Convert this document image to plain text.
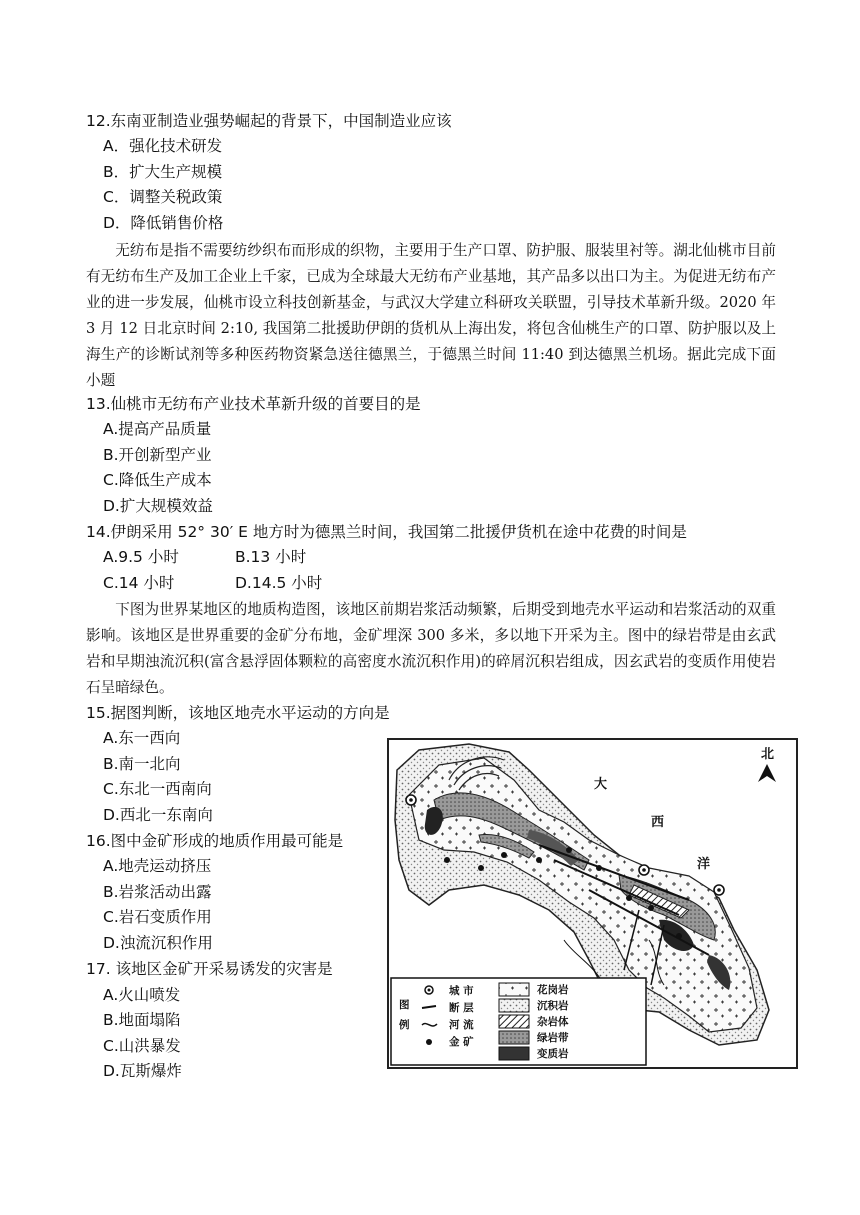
12.东南亚制造业强势崛起的背景下，中国制造业应该
A．强化技术研发
B．扩大生产规模
C．调整关税政策
D．降低销售价格
无纺布是指不需要纺纱织布而形成的织物，主要用于生产口罩、防护服、服装里衬等。湖北仙桃市目前有无纺布生产及加工企业上千家，已成为全球最大无纺布产业基地，其产品多以出口为主。为促进无纺布产业的进一步发展，仙桃市设立科技创新基金，与武汉大学建立科研攻关联盟，引导技术革新升级。2020 年 3 月 12 日北京时间 2:10, 我国第二批援助伊朗的货机从上海出发，将包含仙桃生产的口罩、防护服以及上海生产的诊断试剂等多种医药物资紧急送往德黑兰，于德黑兰时间 11:40 到达德黑兰机场。据此完成下面小题
13.仙桃市无纺布产业技术革新升级的首要目的是
A.提高产品质量
B.开创新型产业
C.降低生产成本
D.扩大规模效益
14.伊朗采用 52° 30′ E 地方时为德黑兰时间，我国第二批援伊货机在途中花费的时间是
A.9.5 小时	B.13 小时
C.14 小时	D.14.5 小时
下图为世界某地区的地质构造图，该地区前期岩浆活动频繁，后期受到地壳水平运动和岩浆活动的双重影响。该地区是世界重要的金矿分布地，金矿埋深 300 多米，多以地下开采为主。图中的绿岩带是由玄武岩和早期浊流沉积(富含悬浮固体颗粒的高密度水流沉积作用)的碎屑沉积岩组成，因玄武岩的变质作用使岩石呈暗绿色。
15.据图判断，该地区地壳水平运动的方向是
A.东一西向
B.南一北向
C.东北一西南向
D.西北一东南向
16.图中金矿形成的地质作用最可能是
A.地壳运动挤压
B.岩浆活动出露
C.岩石变质作用
D.浊流沉积作用
17. 该地区金矿开采易诱发的灾害是
A.火山喷发
B.地面塌陷
C.山洪暴发
D.瓦斯爆炸
大
西
洋
北
图
例
城 市
断 层
河 流
金 矿
花岗岩
沉积岩
杂岩体
绿岩带
变质岩
